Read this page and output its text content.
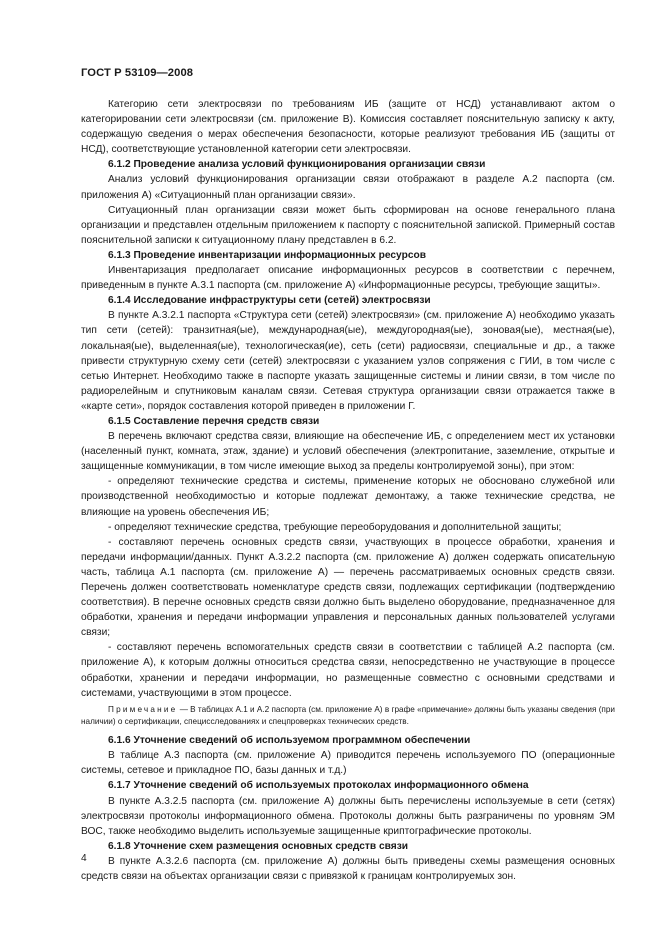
ГОСТ Р 53109—2008

Категорию сети электросвязи по требованиям ИБ (защите от НСД) устанавливают актом о категорировании сети электросвязи (см. приложение В). Комиссия составляет пояснительную записку к акту, содержащую сведения о мерах обеспечения безопасности, которые реализуют требования ИБ (защиты от НСД), соответствующие установленной категории сети электросвязи.

6.1.2 Проведение анализа условий функционирования организации связи

Анализ условий функционирования организации связи отображают в разделе А.2 паспорта (см. приложения А) «Ситуационный план организации связи».

Ситуационный план организации связи может быть сформирован на основе генерального плана организации и представлен отдельным приложением к паспорту с пояснительной запиской. Примерный состав пояснительной записки к ситуационному плану представлен в 6.2.

6.1.3 Проведение инвентаризации информационных ресурсов

Инвентаризация предполагает описание информационных ресурсов в соответствии с перечнем, приведенным в пункте А.3.1 паспорта (см. приложение А) «Информационные ресурсы, требующие защиты».

6.1.4 Исследование инфраструктуры сети (сетей) электросвязи

В пункте А.3.2.1 паспорта «Структура сети (сетей) электросвязи» (см. приложение А) необходимо указать тип сети (сетей): транзитная(ые), международная(ые), междугородная(ые), зоновая(ые), местная(ые), локальная(ые), выделенная(ые), технологическая(ие), сеть (сети) радиосвязи, специальные и др., а также привести структурную схему сети (сетей) электросвязи с указанием узлов сопряжения с ГИИ, в том числе с сетью Интернет. Необходимо также в паспорте указать защищенные системы и линии связи, в том числе по радиорелейным и спутниковым каналам связи. Сетевая структура организации связи отражается также в «карте сети», порядок составления которой приведен в приложении Г.

6.1.5 Составление перечня средств связи

В перечень включают средства связи, влияющие на обеспечение ИБ, с определением мест их установки (населенный пункт, комната, этаж, здание) и условий обеспечения (электропитание, заземление, открытые и защищенные коммуникации, в том числе имеющие выход за пределы контролируемой зоны), при этом:

- определяют технические средства и системы, применение которых не обосновано служебной или производственной необходимостью и которые подлежат демонтажу, а также технические средства, не влияющие на уровень обеспечения ИБ;

- определяют технические средства, требующие переоборудования и дополнительной защиты;

- составляют перечень основных средств связи, участвующих в процессе обработки, хранения и передачи информации/данных. Пункт А.3.2.2 паспорта (см. приложение А) должен содержать описательную часть, таблица А.1 паспорта (см. приложение А) — перечень рассматриваемых основных средств связи. Перечень должен соответствовать номенклатуре средств связи, подлежащих сертификации (подтверждению соответствия). В перечне основных средств связи должно быть выделено оборудование, предназначенное для обработки, хранения и передачи информации управления и персональных данных пользователей услугами связи;

- составляют перечень вспомогательных средств связи в соответствии с таблицей А.2 паспорта (см. приложение А), к которым должны относиться средства связи, непосредственно не участвующие в процессе обработки, хранении и передачи информации, но размещенные совместно с основными средствами и системами, участвующими в этом процессе.

Примечание — В таблицах А.1 и А.2 паспорта (см. приложение А) в графе «примечание» должны быть указаны сведения (при наличии) о сертификации, специсследованиях и спецпроверках технических средств.

6.1.6 Уточнение сведений об используемом программном обеспечении

В таблице А.3 паспорта (см. приложение А) приводится перечень используемого ПО (операционные системы, сетевое и прикладное ПО, базы данных и т.д.)

6.1.7 Уточнение сведений об используемых протоколах информационного обмена

В пункте А.3.2.5 паспорта (см. приложение А) должны быть перечислены используемые в сети (сетях) электросвязи протоколы информационного обмена. Протоколы должны быть разграничены по уровням ЭМ ВОС, также необходимо выделить используемые защищенные криптографические протоколы.

6.1.8 Уточнение схем размещения основных средств связи

В пункте А.3.2.6 паспорта (см. приложение А) должны быть приведены схемы размещения основных средств связи на объектах организации связи с привязкой к границам контролируемых зон.

4
